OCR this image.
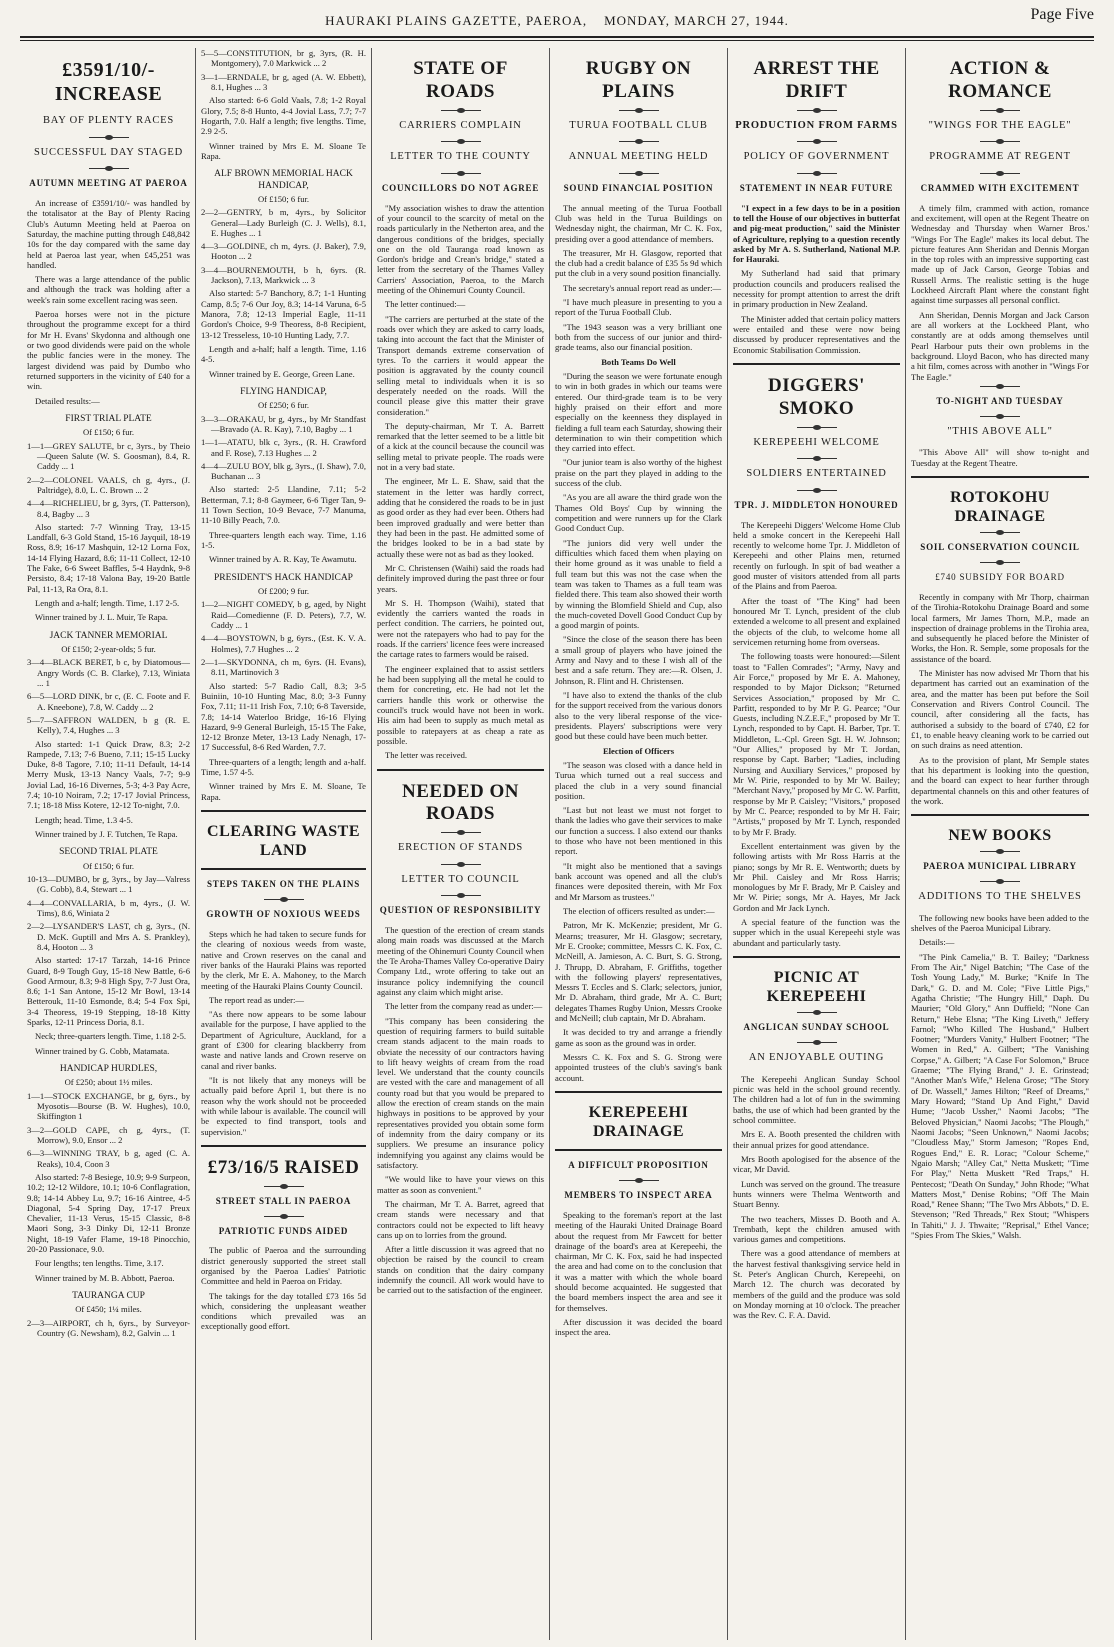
HAURAKI PLAINS GAZETTE, PAEROA,    MONDAY, MARCH 27, 1944.	Page Five
£3591/10/- INCREASE
BAY OF PLENTY RACES
SUCCESSFUL DAY STAGED
AUTUMN MEETING AT PAEROA

An increase of £3591/10/- was handled by the totalisator at the Bay of Plenty Racing Club's Autumn Meeting held at Paeroa on Saturday, the machine putting through £48,842 10s for the day compared with the same day held at Paeroa last year, when £45,251 was handled.

There was a large attendance of the public and although the track was holding after a week's rain some excellent racing was seen.

Paeroa horses were not in the picture throughout the programme except for a third for Mr H. Evans' Skydonna and although one or two good dividends were paid on the whole the public fancies were in the money. The largest dividend was paid by Dumbo who returned supporters in the vicinity of £40 for a win.

Detailed results:—

FIRST TRIAL PLATE
Of £150; 6 fur.
1—1—GREY SALUTE, br c, 3yrs., by Theio—Queen Salute (W. S. Goosman), 8.4, R. Caddy ... 1
2—2—COLONEL VAALS, ch g, 4yrs., (J. Paltridge), 8.0, L. C. Brown ... 2
4—4—RICHELIEU, br g, 3yrs, (T. Patterson), 8.4, Bagby ... 3

Also started: 7-7 Winning Tray, 13-15 Landfall, 6-3 Gold Stand, 15-16 Jayquil, 18-19 Ross, 8.9; 16-17 Mashquin, 12-12 Lorna Fox, 14-14 Flying Hazard, 8.6; 11-11 Collect, 12-10 The Fake, 6-6 Sweet Baffles, 5-4 Haydnk, 9-8 Persisto, 8.4; 17-18 Valona Bay, 19-20 Battle Pal, 11-13, Ra Ora, 8.1.

Length and a-half; length. Time, 1.17 2-5.

Winner trained by J. L. Muir, Te Rapa.

JACK TANNER MEMORIAL
Of £150; 2-year-olds; 5 fur.
3—4—BLACK BERET, b c, by Diatomous—Angry Words (C. B. Clarke), 7.13, Winiata ... 1
6—5—LORD DINK, br c, (E. C. Foote and F. A. Kneebone), 7.8, W. Caddy ... 2
5—7—SAFFRON WALDEN, b g (R. E. Kelly), 7.4, Hughes ... 3

Also started: 1-1 Quick Draw, 8.3; 2-2 Rampede, 7.13; 7-6 Bueno, 7.11; 15-15 Lucky Duke, 8-8 Tagore, 7.10; 11-11 Default, 14-14 Merry Musk, 13-13 Nancy Vaals, 7-7; 9-9 Jovial Lad, 16-16 Divernes, 5-3; 4-3 Pay Acre, 7.4; 10-10 Noiram, 7.2; 17-17 Jovial Princess, 7.1; 18-18 Miss Kotere, 12-12 To-night, 7.0.

Length; head. Time, 1.3 4-5.

Winner trained by J. F. Tutchen, Te Rapa.

SECOND TRIAL PLATE
Of £150; 6 fur.
10-13—DUMBO, br g, 3yrs., by Jay—Valress (G. Cobb), 8.4, Stewart ... 1
4—4—CONVALLARIA, b m, 4yrs., (J. W. Tims), 8.6, Winiata 2
2—2—LYSANDER'S LAST, ch g, 3yrs., (N. D. McK. Guptill and Mrs A. S. Prankley), 8.4, Hooton ... 3

Also started: 17-17 Tarzah, 14-16 Prince Guard, 8-9 Tough Guy, 15-18 New Battle, 6-6 Good Armour, 8.3; 9-8 High Spy, 7-7 Just Ora, 8.6; 1-1 San Antone, 15-12 Mr Bowl, 13-14 Betterouk, 11-10 Esmonde, 8.4; 5-4 Fox Spi, 3-4 Theoress, 19-19 Stepping, 18-18 Kitty Sparks, 12-11 Princess Doria, 8.1.

Neck; three-quarters length. Time, 1.18 2-5.

Winner trained by G. Cobb, Matamata.

HANDICAP HURDLES,
Of £250; about 1½ miles.
1—1—STOCK EXCHANGE, br g, 6yrs., by Myosotis—Bourse (B. W. Hughes), 10.0, Skiffington 1
3—2—GOLD CAPE, ch g, 4yrs., (T. Morrow), 9.0, Ensor ... 2
6—3—WINNING TRAY, b g, aged (C. A. Reaks), 10.4, Coon 3

Also started: 7-8 Besiege, 10.9; 9-9 Surpeon, 10.2; 12-12 Wildore, 10.1; 10-6 Conflagration, 9.8; 14-14 Abbey Lu, 9.7; 16-16 Aintree, 4-5 Diagonal, 5-4 Spring Day, 17-17 Preux Chevalier, 11-13 Verus, 15-15 Classic, 8-8 Maori Song, 3-3 Dinky Di, 12-11 Bronze Night, 18-19 Vafer Flame, 19-18 Pinocchio, 20-20 Passionace, 9.0.

Four lengths; ten lengths. Time, 3.17.

Winner trained by M. B. Abbott, Paeroa.

TAURANGA CUP
Of £450; 1¼ miles.
2—3—AIRPORT, ch h, 6yrs., by Surveyor-Country (G. Newsham), 8.2, Galvin ... 1
5—5—CONSTITUTION, br g, 3yrs, (R. H. Montgomery), 7.0 Markwick ... 2
3—1—ERNDALE, br g, aged (A. W. Ebbett), 8.1, Hughes ... 3

Also started: 6-6 Gold Vaals, 7.8; 1-2 Royal Glory, 7.5; 8-8 Hunto, 4-4 Jovial Lass, 7.7; 7-7 Hogarth, 7.0. Half a length; five lengths. Time, 2.9 2-5.

Winner trained by Mrs E. M. Sloane Te Rapa.

ALF BROWN MEMORIAL HACK HANDICAP,
Of £150; 6 fur.
2—2—GENTRY, b m, 4yrs., by Solicitor General—Lady Burleigh (C. J. Wells), 8.1, E. Hughes ... 1
4—3—GOLDINE, ch m, 4yrs. (J. Baker), 7.9, Hooton ... 2
3—4—BOURNEMOUTH, b h, 6yrs. (R. Jackson), 7.13, Markwick ... 3

Also started: 5-7 Banchory, 8.7; 1-1 Hunting Camp, 8.5; 7-6 Our Joy, 8.3; 14-14 Varuna, 6-5 Manora, 7.8; 12-13 Imperial Eagle, 11-11 Gordon's Choice, 9-9 Theoress, 8-8 Recipient, 13-12 Tresseless, 10-10 Hunting Lady, 7.7.

Length and a-half; half a length. Time, 1.16 4-5.

Winner trained by E. George, Green Lane.

FLYING HANDICAP,
Of £250; 6 fur.
3—3—ORAKAU, br g, 4yrs., by Mr Standfast—Bravado (A. R. Kay), 7.10, Bagby ... 1
1—1—ATATU, blk c, 3yrs., (R. H. Crawford and F. Rose), 7.13 Hughes ... 2
4—4—ZULU BOY, blk g, 3yrs., (I. Shaw), 7.0, Buchanan ... 3

Also started: 2-5 Llandine, 7.11; 5-2 Betterman, 7.1; 8-8 Gaymeer, 6-6 Tiger Tan, 9-11 Town Section, 10-9 Bevace, 7-7 Manuma, 11-10 Billy Peach, 7.0.

Three-quarters length each way. Time, 1.16 1-5.

Winner trained by A. R. Kay, Te Awamutu.

PRESIDENT'S HACK HANDICAP
Of £200; 9 fur.
1—2—NIGHT COMEDY, b g, aged, by Night Raid—Comedienne (F. D. Peters), 7.7, W. Caddy ... 1
4—4—BOYSTOWN, b g, 6yrs., (Est. K. V. A. Holmes), 7.7 Hughes ... 2
2—1—SKYDONNA, ch m, 6yrs. (H. Evans), 8.11, Martinovich 3

Also started: 5-7 Radio Call, 8.3; 3-5 Buiniin, 10-10 Hunting Mac, 8.0; 3-3 Funny Fox, 7.11; 11-11 Irish Fox, 7.10; 6-8 Taverside, 7.8; 14-14 Waterloo Bridge, 16-16 Flying Hazard, 9-9 General Burleigh, 15-15 The Fake, 12-12 Bronze Meter, 13-13 Lady Nenagh, 17-17 Successful, 8-6 Red Warden, 7.7.

Three-quarters of a length; length and a-half. Time, 1.57 4-5.

Winner trained by Mrs E. M. Sloane, Te Rapa.

CLEARING WASTE LAND
STEPS TAKEN ON THE PLAINS
GROWTH OF NOXIOUS WEEDS

Steps which he had taken to secure funds for the clearing of noxious weeds from waste, native and Crown reserves on the canal and river banks of the Hauraki Plains was reported by the clerk, Mr E. A. Mahoney, to the March meeting of the Hauraki Plains County Council.

The report read as under:—

"As there now appears to be some labour available for the purpose, I have applied to the Department of Agriculture, Auckland, for a grant of £300 for clearing blackberry from waste and native lands and Crown reserve on canal and river banks.

"It is not likely that any moneys will be actually paid before April 1, but there is no reason why the work should not be proceeded with while labour is available. The council will be expected to find transport, tools and supervision."

£73/16/5 RAISED
STREET STALL IN PAEROA
PATRIOTIC FUNDS AIDED

The public of Paeroa and the surrounding district generously supported the street stall organised by the Paeroa Ladies' Patriotic Committee and held in Paeroa on Friday.

The takings for the day totalled £73 16s 5d which, considering the unpleasant weather conditions which prevailed was an exceptionally good effort.

STATE OF ROADS
CARRIERS COMPLAIN
LETTER TO THE COUNTY
COUNCILLORS DO NOT AGREE

"My association wishes to draw the attention of your council to the scarcity of metal on the roads particularly in the Netherton area, and the dangerous conditions of the bridges, specially one on the old Tauranga road known as Gordon's bridge and Crean's bridge," stated a letter from the secretary of the Thames Valley Carriers' Association, Paeroa, to the March meeting of the Ohinemuri County Council.

The letter continued:—

"The carriers are perturbed at the state of the roads over which they are asked to carry loads, taking into account the fact that the Minister of Transport demands extreme conservation of tyres. To the carriers it would appear the position is aggravated by the county council selling metal to individuals when it is so desperately needed on the roads. Will the council please give this matter their grave consideration."

The deputy-chairman, Mr T. A. Barrett remarked that the letter seemed to be a little bit of a kick at the council because the council was selling metal to private people. The roads were not in a very bad state.

The engineer, Mr L. E. Shaw, said that the statement in the letter was hardly correct, adding that he considered the roads to be in just as good order as they had ever been. Others had been improved gradually and were better than they had been in the past. He admitted some of the bridges looked to be in a bad state by actually these were not as bad as they looked.

Mr C. Christensen (Waihi) said the roads had definitely improved during the past three or four years.

Mr S. H. Thompson (Waihi), stated that evidently the carriers wanted the roads in perfect condition. The carriers, he pointed out, were not the ratepayers who had to pay for the roads. If the carriers' licence fees were increased the cartage rates to farmers would be raised.

The engineer explained that to assist settlers he had been supplying all the metal he could to them for concreting, etc. He had not let the carriers handle this work or otherwise the council's truck would have not been in work. His aim had been to supply as much metal as possible to ratepayers at as cheap a rate as possible.

The letter was received.

NEEDED ON ROADS
ERECTION OF STANDS
LETTER TO COUNCIL
QUESTION OF RESPONSIBILITY

The question of the erection of cream stands along main roads was discussed at the March meeting of the Ohinemuri County Council when the Te Aroha-Thames Valley Co-operative Dairy Company Ltd., wrote offering to take out an insurance policy indemnifying the council against any claim which might arise.

The letter from the company read as under:—

"This company has been considering the question of requiring farmers to build suitable cream stands adjacent to the main roads to obviate the necessity of our contractors having to lift heavy weights of cream from the road level. We understand that the county councils are vested with the care and management of all county road but that you would be prepared to allow the erection of cream stands on the main highways in positions to be approved by your representatives provided you obtain some form of indemnity from the dairy company or its suppliers. We presume an insurance policy indemnifying you against any claims would be satisfactory.

"We would like to have your views on this matter as soon as convenient."

The chairman, Mr T. A. Barret, agreed that cream stands were necessary and that contractors could not be expected to lift heavy cans up on to lorries from the ground.

After a little discussion it was agreed that no objection be raised by the council to cream stands on condition that the dairy company indemnify the council. All work would have to be carried out to the satisfaction of the engineer.

RUGBY ON PLAINS
TURUA FOOTBALL CLUB
ANNUAL MEETING HELD
SOUND FINANCIAL POSITION

The annual meeting of the Turua Football Club was held in the Turua Buildings on Wednesday night, the chairman, Mr C. K. Fox, presiding over a good attendance of members.

The treasurer, Mr H. Glasgow, reported that the club had a credit balance of £35 5s 9d which put the club in a very sound position financially.

The secretary's annual report read as under:—

"I have much pleasure in presenting to you a report of the Turua Football Club.

"The 1943 season was a very brilliant one both from the success of our junior and third-grade teams, also our financial position.

Both Teams Do Well

"During the season we were fortunate enough to win in both grades in which our teams were entered. Our third-grade team is to be very highly praised on their effort and more especially on the keenness they displayed in fielding a full team each Saturday, showing their determination to win their competition which they carried into effect.

"Our junior team is also worthy of the highest praise on the part they played in adding to the success of the club.

"As you are all aware the third grade won the Thames Old Boys' Cup by winning the competition and were runners up for the Clark Good Conduct Cup.

"The juniors did very well under the difficulties which faced them when playing on their home ground as it was unable to field a full team but this was not the case when the team was taken to Thames as a full team was fielded there. This team also showed their worth by winning the Blomfield Shield and Cup, also the much-coveted Dovell Good Conduct Cup by a good margin of points.

"Since the close of the season there has been a small group of players who have joined the Army and Navy and to these I wish all of the best and a safe return. They are:—R. Olsen, J. Johnson, R. Flint and H. Christensen.

"I have also to extend the thanks of the club for the support received from the various donors also to the very liberal response of the vice-presidents. Players' subscriptions were very good but these could have been much better.

Election of Officers

"The season was closed with a dance held in Turua which turned out a real success and placed the club in a very sound financial position.

"Last but not least we must not forget to thank the ladies who gave their services to make our function a success. I also extend our thanks to those who have not been mentioned in this report.

"It might also be mentioned that a savings bank account was opened and all the club's finances were deposited therein, with Mr Fox and Mr Marsom as trustees."

The election of officers resulted as under:—

Patron, Mr K. McKenzie; president, Mr G. Mearns; treasurer, Mr H. Glasgow; secretary, Mr E. Crooke; committee, Messrs C. K. Fox, C. McNeill, A. Jamieson, A. C. Burt, S. G. Strong, J. Thrupp, D. Abraham, F. Griffiths, together with the following players' representatives, Messrs T. Eccles and S. Clark; selectors, junior, Mr D. Abraham, third grade, Mr A. C. Burt; delegates Thames Rugby Union, Messrs Crooke and McNeill; club captain, Mr D. Abraham.

It was decided to try and arrange a friendly game as soon as the ground was in order.

Messrs C. K. Fox and S. G. Strong were appointed trustees of the club's saving's bank account.

KEREPEEHI DRAINAGE
A DIFFICULT PROPOSITION
MEMBERS TO INSPECT AREA

Speaking to the foreman's report at the last meeting of the Hauraki United Drainage Board about the request from Mr Fawcett for better drainage of the board's area at Kerepeehi, the chairman, Mr C. K. Fox, said he had inspected the area and had come on to the conclusion that it was a matter with which the whole board should become acquainted. He suggested that the board members inspect the area and see it for themselves.

After discussion it was decided the board inspect the area.

ARREST THE DRIFT
PRODUCTION FROM FARMS
POLICY OF GOVERNMENT
STATEMENT IN NEAR FUTURE

"I expect in a few days to be in a position to tell the House of our objectives in butterfat and pig-meat production," said the Minister of Agriculture, replying to a question recently asked by Mr A. S. Sutherland, National M.P. for Hauraki.

My Sutherland had said that primary production councils and producers realised the necessity for prompt attention to arrest the drift in primary production in New Zealand.

The Minister added that certain policy matters were entailed and these were now being discussed by producer representatives and the Economic Stabilisation Commission.

DIGGERS' SMOKO
KEREPEEHI WELCOME
SOLDIERS ENTERTAINED
TPR. J. MIDDLETON HONOURED

The Kerepeehi Diggers' Welcome Home Club held a smoke concert in the Kerepeehi Hall recently to welcome home Tpr. J. Middleton of Kerepeehi and other Plains men, returned recently on furlough. In spit of bad weather a good muster of visitors attended from all parts of the Plains and from Paeroa.

After the toast of "The King" had been honoured Mr T. Lynch, president of the club extended a welcome to all present and explained the objects of the club, to welcome home all servicemen returning home from overseas.

The following toasts were honoured:—Silent toast to "Fallen Comrades"; "Army, Navy and Air Force," proposed by Mr E. A. Mahoney, responded to by Major Dickson; "Returned Services Association," proposed by Mr C. Parfitt, responded to by Mr P. G. Pearce; "Our Guests, including N.Z.E.F.," proposed by Mr T. Lynch, responded to by Capt. H. Barber, Tpr. T. Middleton, L.-Cpl. Green Sgt. H. W. Johnson; "Our Allies," proposed by Mr T. Jordan, response by Capt. Barber; "Ladies, including Nursing and Auxiliary Services," proposed by Mr W. Pirie, responded to by Mr W. Bailey; "Merchant Navy," proposed by Mr C. W. Parfitt, response by Mr P. Caisley; "Visitors," proposed by Mr C. Pearce; responded to by Mr H. Fair; "Artists," proposed by Mr T. Lynch, responded to by Mr F. Brady.

Excellent entertainment was given by the following artists with Mr Ross Harris at the piano; songs by Mr R. E. Wentworth; duets by Mr Phil. Caisley and Mr Ross Harris; monologues by Mr F. Brady, Mr P. Caisley and Mr W. Pirie; songs, Mr A. Hayes, Mr Jack Gordon and Mr Jack Lynch.

A special feature of the function was the supper which in the usual Kerepeehi style was abundant and particularly tasty.

PICNIC AT KEREPEEHI
ANGLICAN SUNDAY SCHOOL
AN ENJOYABLE OUTING

The Kerepeehi Anglican Sunday School picnic was held in the school ground recently. The children had a lot of fun in the swimming baths, the use of which had been granted by the school committee.

Mrs E. A. Booth presented the children with their annual prizes for good attendance.

Mrs Booth apologised for the absence of the vicar, Mr David.

Lunch was served on the ground. The treasure hunts winners were Thelma Wentworth and Stuart Benny.

The two teachers, Misses D. Booth and A. Trembath, kept the children amused with various games and competitions.

There was a good attendance of members at the harvest festival thanksgiving service held in St. Peter's Anglican Church, Kerepeehi, on March 12. The church was decorated by members of the guild and the produce was sold on Monday morning at 10 o'clock. The preacher was the Rev. C. F. A. David.

ACTION & ROMANCE
"WINGS FOR THE EAGLE"
PROGRAMME AT REGENT
CRAMMED WITH EXCITEMENT

A timely film, crammed with action, romance and excitement, will open at the Regent Theatre on Wednesday and Thursday when Warner Bros.' "Wings For The Eagle" makes its local debut. The picture features Ann Sheridan and Dennis Morgan in the top roles with an impressive supporting cast made up of Jack Carson, George Tobias and Russell Arms. The realistic setting is the huge Lockheed Aircraft Plant where the constant fight against time surpasses all personal conflict.

Ann Sheridan, Dennis Morgan and Jack Carson are all workers at the Lockheed Plant, who constantly are at odds among themselves until Pearl Harbour puts their own problems in the background. Lloyd Bacon, who has directed many a hit film, comes across with another in "Wings For The Eagle."

TO-NIGHT AND TUESDAY
"THIS ABOVE ALL"

"This Above All" will show to-night and Tuesday at the Regent Theatre.

ROTOKOHU DRAINAGE
SOIL CONSERVATION COUNCIL
£740 SUBSIDY FOR BOARD

Recently in company with Mr Thorp, chairman of the Tirohia-Rotokohu Drainage Board and some local farmers, Mr James Thorn, M.P., made an inspection of drainage problems in the Tirohia area, and subsequently he placed before the Minister of Works, the Hon. R. Semple, some proposals for the assistance of the board.

The Minister has now advised Mr Thorn that his department has carried out an examination of the area, and the matter has been put before the Soil Conservation and Rivers Control Council. The council, after considering all the facts, has authorised a subsidy to the board of £740, £2 for £1, to enable heavy cleaning work to be carried out on such drains as need attention.

As to the provision of plant, Mr Semple states that his department is looking into the question, and the board can expect to hear further through departmental channels on this and other features of the work.

NEW BOOKS
PAEROA MUNICIPAL LIBRARY
ADDITIONS TO THE SHELVES

The following new books have been added to the shelves of the Paeroa Municipal Library.

Details:—

"The Pink Camelia," B. T. Bailey; "Darkness From The Air," Nigel Batchin; "The Case of the Tosh Young Lady," M. Burke; "Knife In The Dark," G. D. and M. Cole; "Five Little Pigs," Agatha Christie; "The Hungry Hill," Daph. Du Maurier; "Old Glory," Ann Duffield; "None Can Return," Hebe Elsna; "The King Liveth," Jeffery Farnol; "Who Killed The Husband," Hulbert Footner; "Murders Vanity," Hulbert Footner; "The Women in Red," A. Gilbert; "The Vanishing Corpse," A. Gilbert; "A Case For Solomon," Bruce Graeme; "The Flying Brand," J. E. Grinstead; "Another Man's Wife," Helena Grose; "The Story of Dr. Wassell," James Hilton; "Reef of Dreams," Mary Howard; "Stand Up And Fight," David Hume; "Jacob Ussher," Naomi Jacobs; "The Beloved Physician," Naomi Jacobs; "The Plough," Naomi Jacobs; "Seen Unknown," Naomi Jacobs; "Cloudless May," Storm Jameson; "Ropes End, Rogues End," E. R. Lorac; "Colour Scheme," Ngaio Marsh; "Alley Cat," Netta Muskett; "Time For Play," Netta Muskett "Red Traps," H. Pentecost; "Death On Sunday," John Rhode; "What Matters Most," Denise Robins; "Off The Main Road," Renee Shann; "The Two Mrs Abbots," D. E. Stevenson; "Red Threads," Rex Stout; "Whispers In Tahiti," J. J. Thwaite; "Reprisal," Ethel Vance; "Spies From The Skies," Walsh.
